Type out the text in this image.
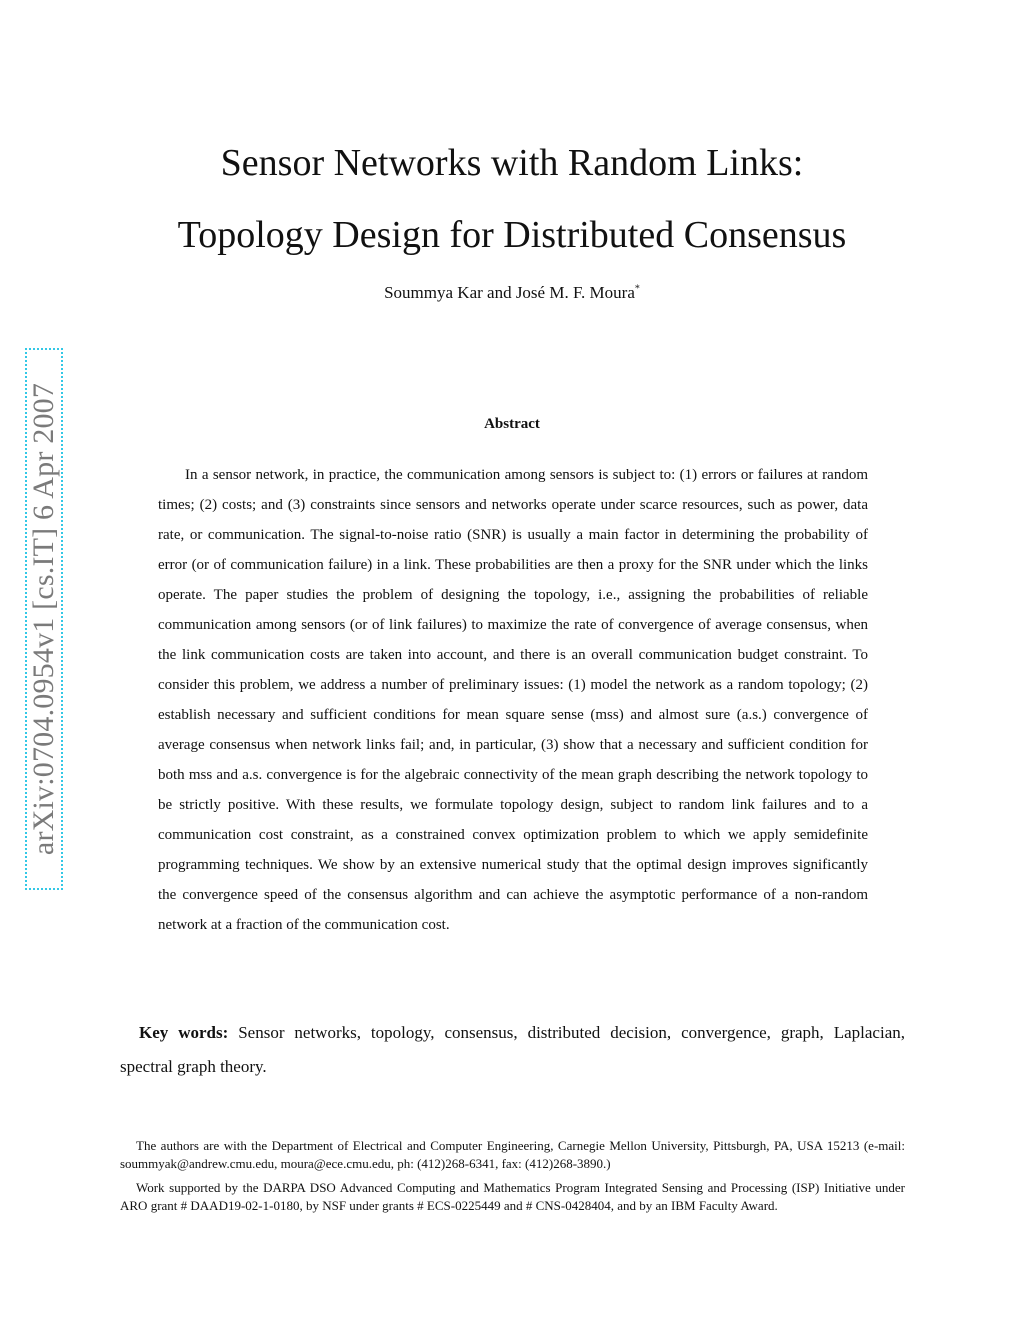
Sensor Networks with Random Links:
Topology Design for Distributed Consensus
Soummya Kar and José M. F. Moura*
arXiv:0704.0954v1 [cs.IT] 6 Apr 2007	Abstract

In a sensor network, in practice, the communication among sensors is subject to: (1) errors or failures at random times; (2) costs; and (3) constraints since sensors and networks operate under scarce resources, such as power, data rate, or communication. The signal-to-noise ratio (SNR) is usually a main factor in determining the probability of error (or of communication failure) in a link. These probabilities are then a proxy for the SNR under which the links operate. The paper studies the problem of designing the topology, i.e., assigning the probabilities of reliable communication among sensors (or of link failures) to maximize the rate of convergence of average consensus, when the link communication costs are taken into account, and there is an overall communication budget constraint. To consider this problem, we address a number of preliminary issues: (1) model the network as a random topology; (2) establish necessary and sufficient conditions for mean square sense (mss) and almost sure (a.s.) convergence of average consensus when network links fail; and, in particular, (3) show that a necessary and sufficient condition for both mss and a.s. convergence is for the algebraic connectivity of the mean graph describing the network topology to be strictly positive. With these results, we formulate topology design, subject to random link failures and to a communication cost constraint, as a constrained convex optimization problem to which we apply semidefinite programming techniques. We show by an extensive numerical study that the optimal design improves significantly the convergence speed of the consensus algorithm and can achieve the asymptotic performance of a non-random network at a fraction of the communication cost.

Key words: Sensor networks, topology, consensus, distributed decision, convergence, graph, Laplacian, spectral graph theory.

The authors are with the Department of Electrical and Computer Engineering, Carnegie Mellon University, Pittsburgh, PA, USA 15213 (e-mail: soummyak@andrew.cmu.edu, moura@ece.cmu.edu, ph: (412)268-6341, fax: (412)268-3890.)

Work supported by the DARPA DSO Advanced Computing and Mathematics Program Integrated Sensing and Processing (ISP) Initiative under ARO grant # DAAD19-02-1-0180, by NSF under grants # ECS-0225449 and # CNS-0428404, and by an IBM Faculty Award.
